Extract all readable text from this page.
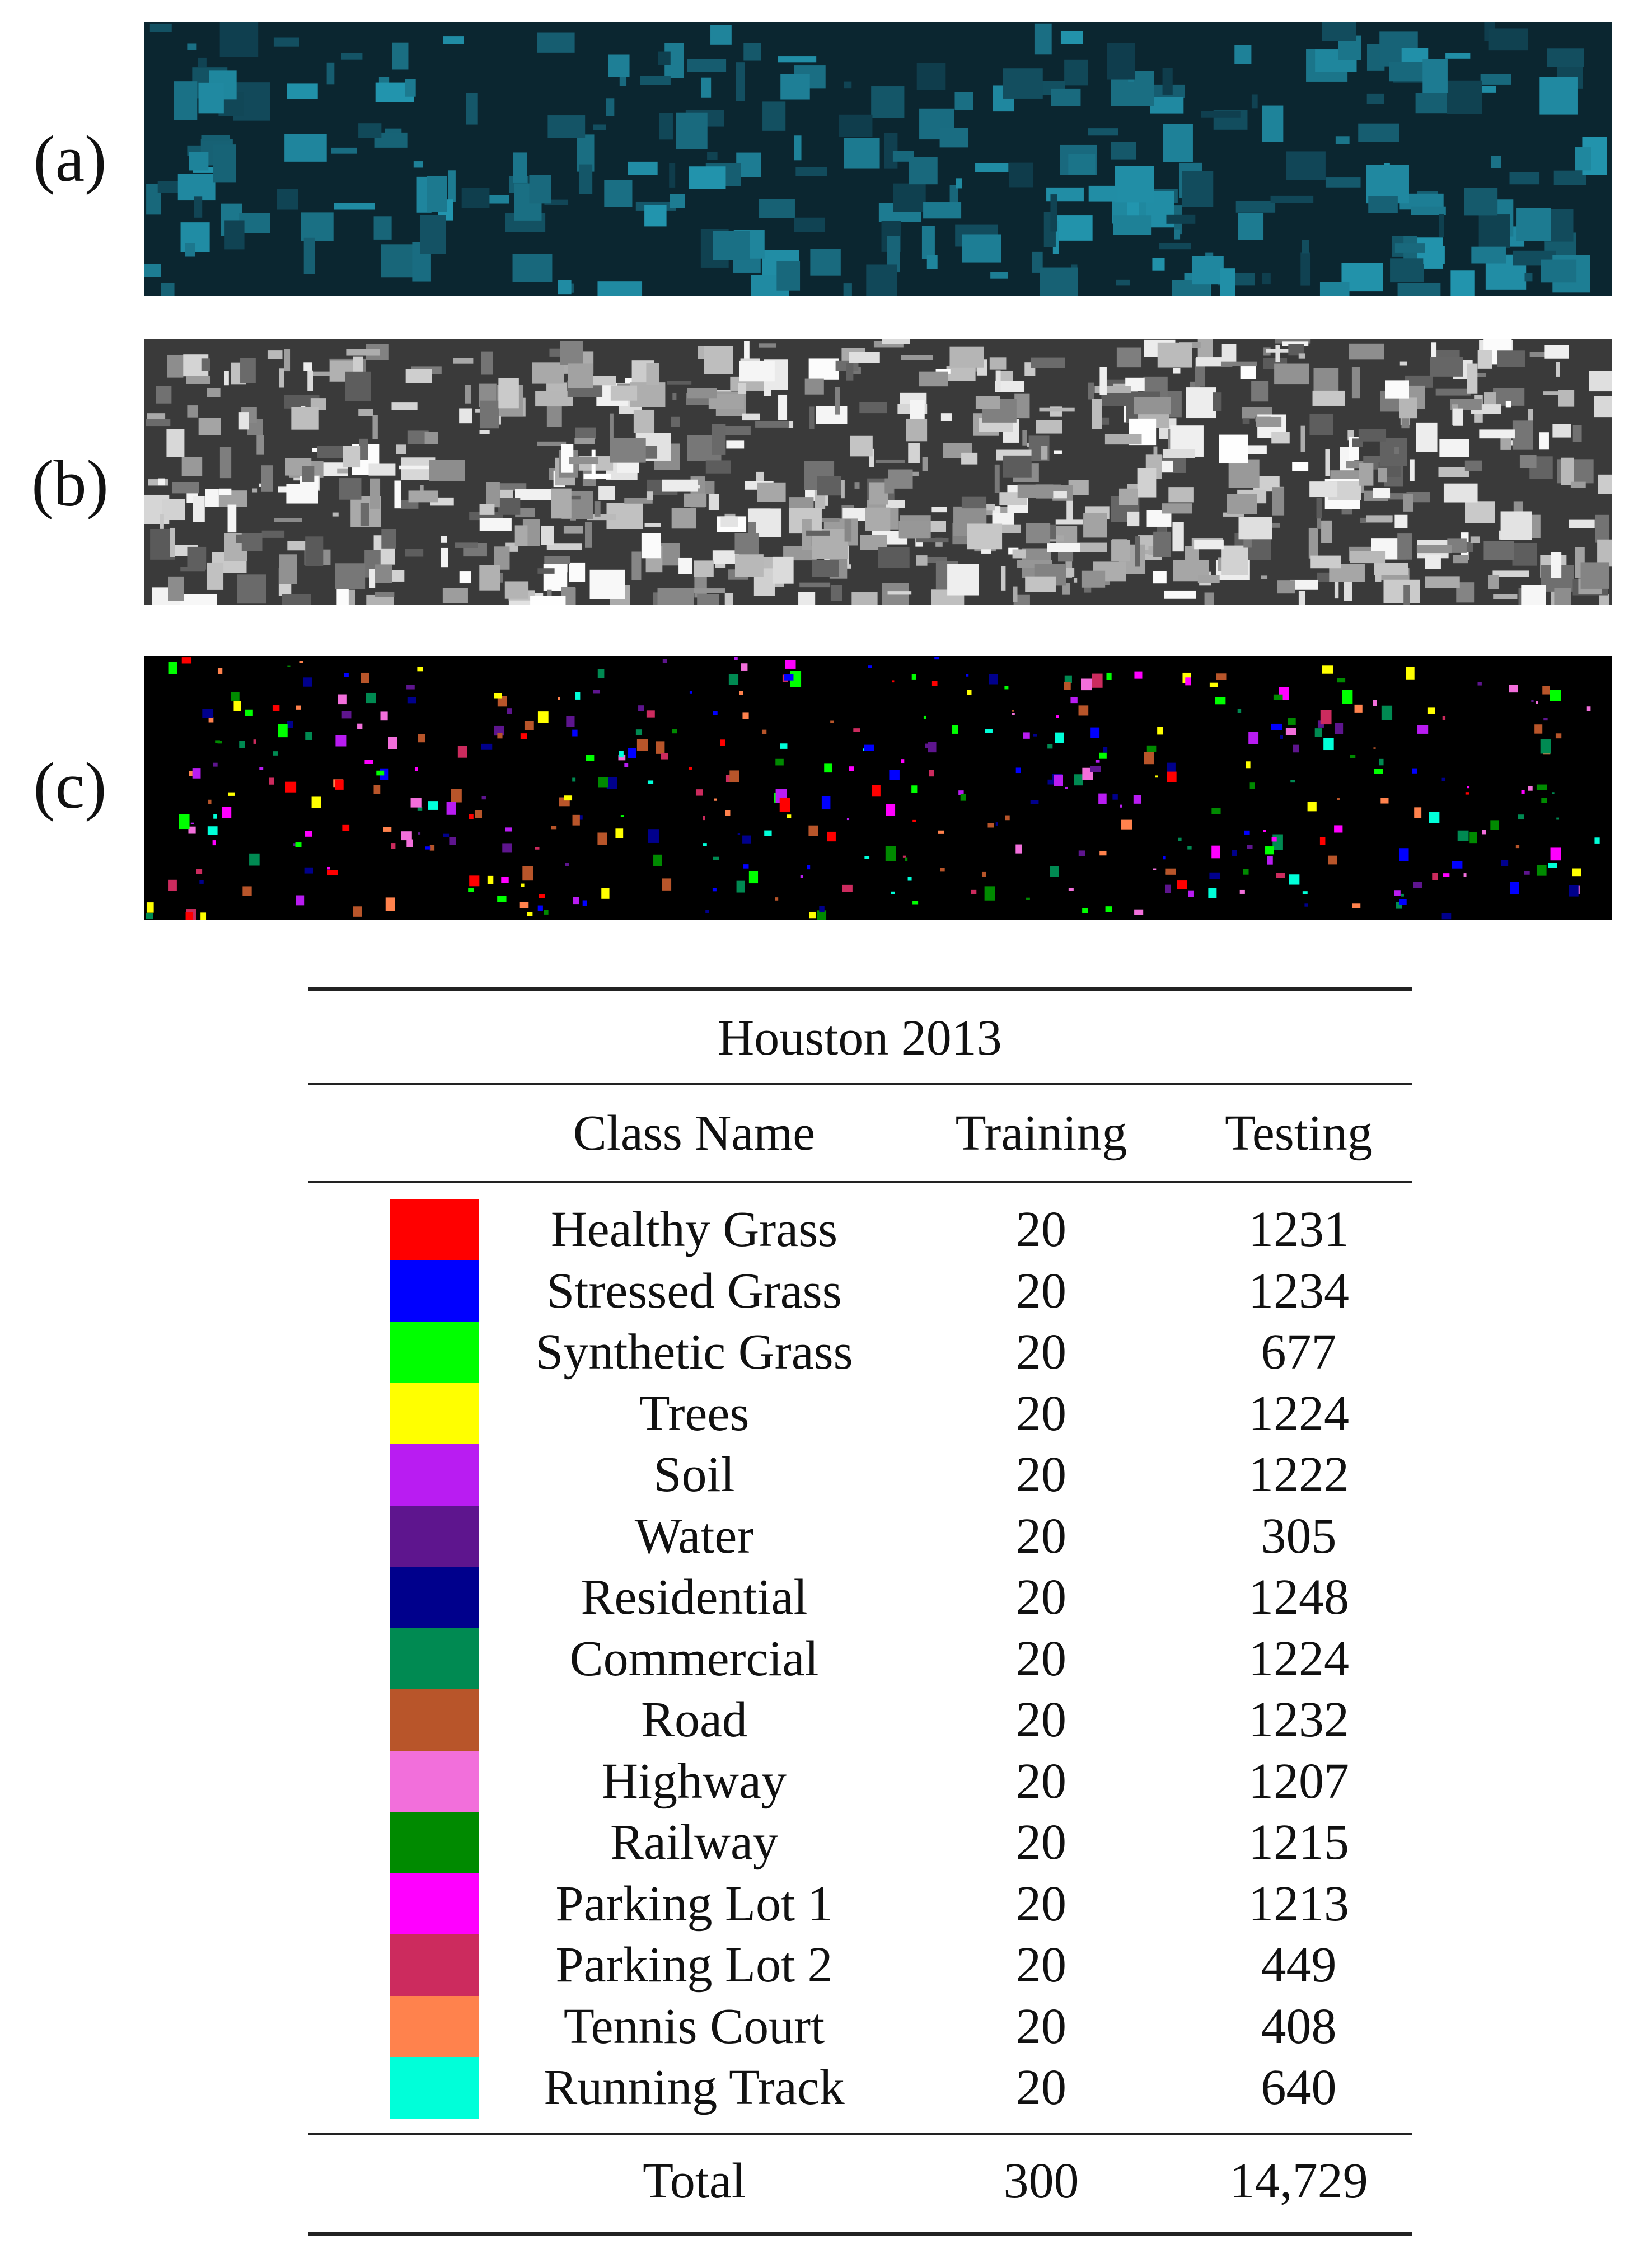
(a)
(b)
(c)
Houston 2013
Class Name	Training	Testing
Healthy Grass	20	1231
Stressed Grass	20	1234
Synthetic Grass	20	677
Trees	20	1224
Soil	20	1222
Water	20	305
Residential	20	1248
Commercial	20	1224
Road	20	1232
Highway	20	1207
Railway	20	1215
Parking Lot 1	20	1213
Parking Lot 2	20	449
Tennis Court	20	408
Running Track	20	640
Total	300	14,729
